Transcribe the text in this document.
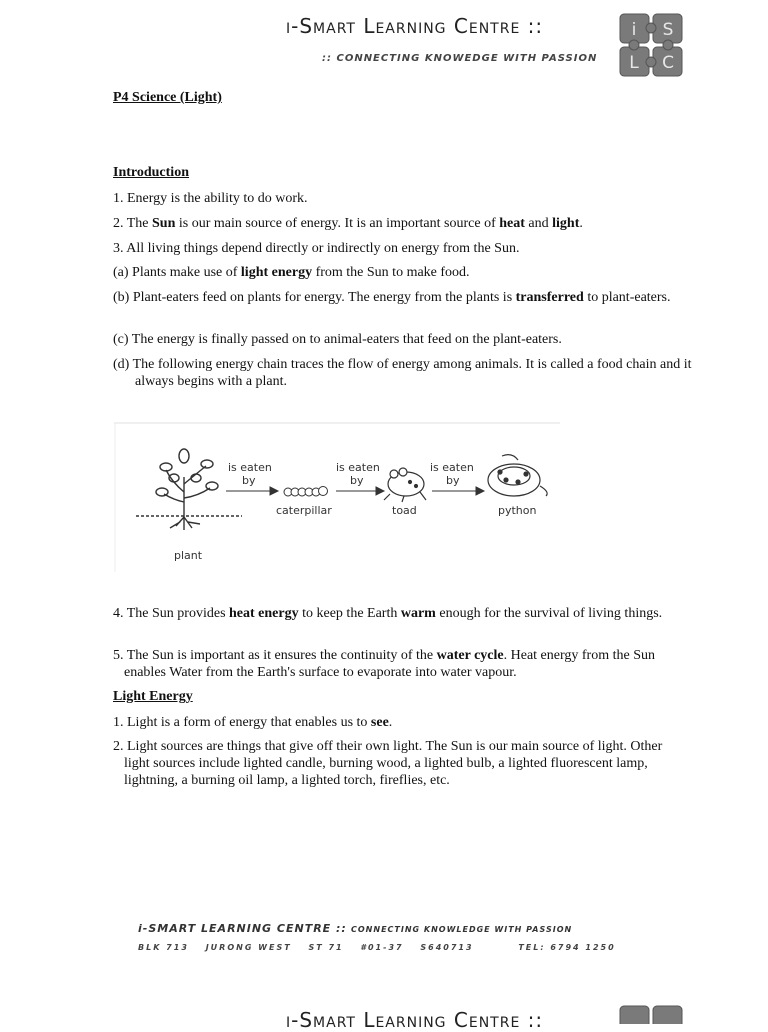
i-Smart Learning Centre ::
:: CONNECTING KNOWEDGE WITH PASSION
i S
L C
P4 Science (Light)
Introduction
1. Energy is the ability to do work.
2. The Sun is our main source of energy. It is an important source of heat and light.
3. All living things depend directly or indirectly on energy from the Sun.
(a) Plants make use of light energy from the Sun to make food.
(b) Plant-eaters feed on plants for energy. The energy from the plants is transferred to plant-eaters.
(c) The energy is finally passed on to animal-eaters that feed on the plant-eaters.
(d) The following energy chain traces the flow of energy among animals. It is called a food chain and it always begins with a plant.
plant
is eaten
by
caterpillar
is eaten
by
toad
is eaten
by
python
4. The Sun provides heat energy to keep the Earth warm enough for the survival of living things.
5. The Sun is important as it ensures the continuity of the water cycle. Heat energy from the Sun enables Water from the Earth's surface to evaporate into water vapour.
Light Energy
1. Light is a form of energy that enables us to see.
2. Light sources are things that give off their own light. The Sun is our main source of light. Other light sources include lighted candle, burning wood, a lighted bulb, a lighted fluorescent lamp, lightning, a burning oil lamp, a lighted torch, fireflies, etc.
i-SMART LEARNING CENTRE :: CONNECTING KNOWLEDGE WITH PASSION
BLK 713 JURONG WEST ST 71 #01-37 S640713	TEL: 6794 1250
i-Smart Learning Centre ::
